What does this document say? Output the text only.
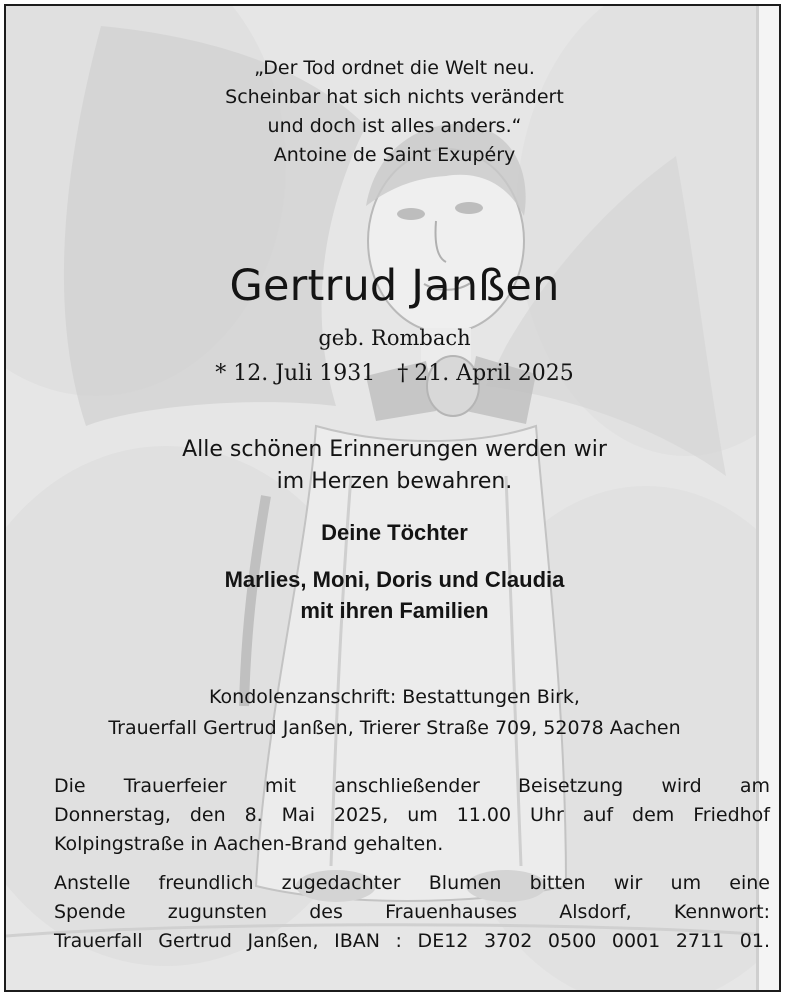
„Der Tod ordnet die Welt neu.
Scheinbar hat sich nichts verändert
und doch ist alles anders.“
Antoine de Saint Exupéry
Gertrud Janßen
geb. Rombach
* 12. Juli 1931 † 21. April 2025
Alle schönen Erinnerungen werden wir
im Herzen bewahren.
Deine Töchter
Marlies, Moni, Doris und Claudia
mit ihren Familien
Kondolenzanschrift: Bestattungen Birk,
Trauerfall Gertrud Janßen, Trierer Straße 709, 52078 Aachen
Die Trauerfeier mit anschließender Beisetzung wird am
Donnerstag, den 8. Mai 2025, um 11.00 Uhr auf dem Friedhof
Kolpingstraße in Aachen-Brand gehalten.
Anstelle freundlich zugedachter Blumen bitten wir um eine
Spende zugunsten des Frauenhauses Alsdorf, Kennwort:
Trauerfall Gertrud Janßen, IBAN : DE12 3702 0500 0001 2711 01.
